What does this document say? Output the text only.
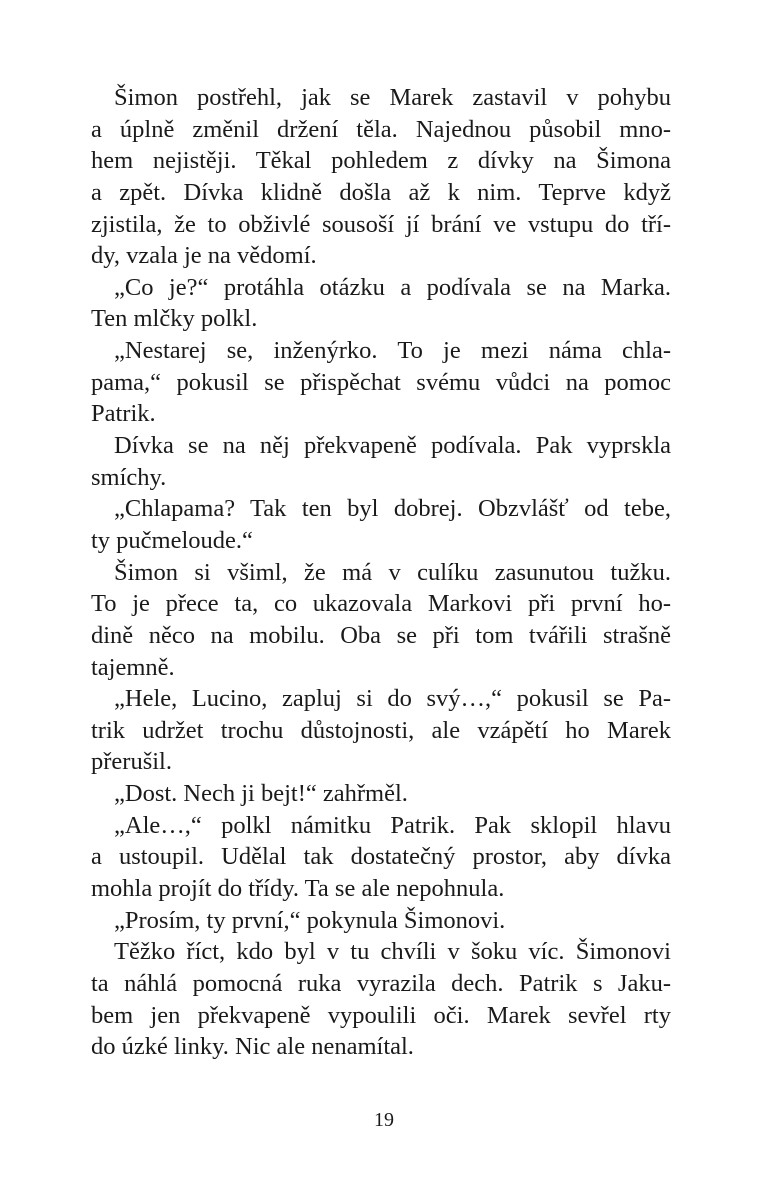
Šimon postřehl, jak se Marek zastavil v pohybu
a úplně změnil držení těla. Najednou působil mno-
hem nejistěji. Těkal pohledem z dívky na Šimona
a zpět. Dívka klidně došla až k nim. Teprve když
zjistila, že to obživlé sousoší jí brání ve vstupu do tří-
dy, vzala je na vědomí.
„Co je?“ protáhla otázku a podívala se na Marka.
Ten mlčky polkl.
„Nestarej se, inženýrko. To je mezi náma chla-
pama,“ pokusil se přispěchat svému vůdci na pomoc
Patrik.
Dívka se na něj překvapeně podívala. Pak vyprskla
smíchy.
„Chlapama? Tak ten byl dobrej. Obzvlášť od tebe,
ty pučmeloude.“
Šimon si všiml, že má v culíku zasunutou tužku.
To je přece ta, co ukazovala Markovi při první ho-
dině něco na mobilu. Oba se při tom tvářili strašně
tajemně.
„Hele, Lucino, zapluj si do svý…,“ pokusil se Pa-
trik udržet trochu důstojnosti, ale vzápětí ho Marek
přerušil.
„Dost. Nech ji bejt!“ zahřměl.
„Ale…,“ polkl námitku Patrik. Pak sklopil hlavu
a ustoupil. Udělal tak dostatečný prostor, aby dívka
mohla projít do třídy. Ta se ale nepohnula.
„Prosím, ty první,“ pokynula Šimonovi.
Těžko říct, kdo byl v tu chvíli v šoku víc. Šimonovi
ta náhlá pomocná ruka vyrazila dech. Patrik s Jaku-
bem jen překvapeně vypoulili oči. Marek sevřel rty
do úzké linky. Nic ale nenamítal.
19
